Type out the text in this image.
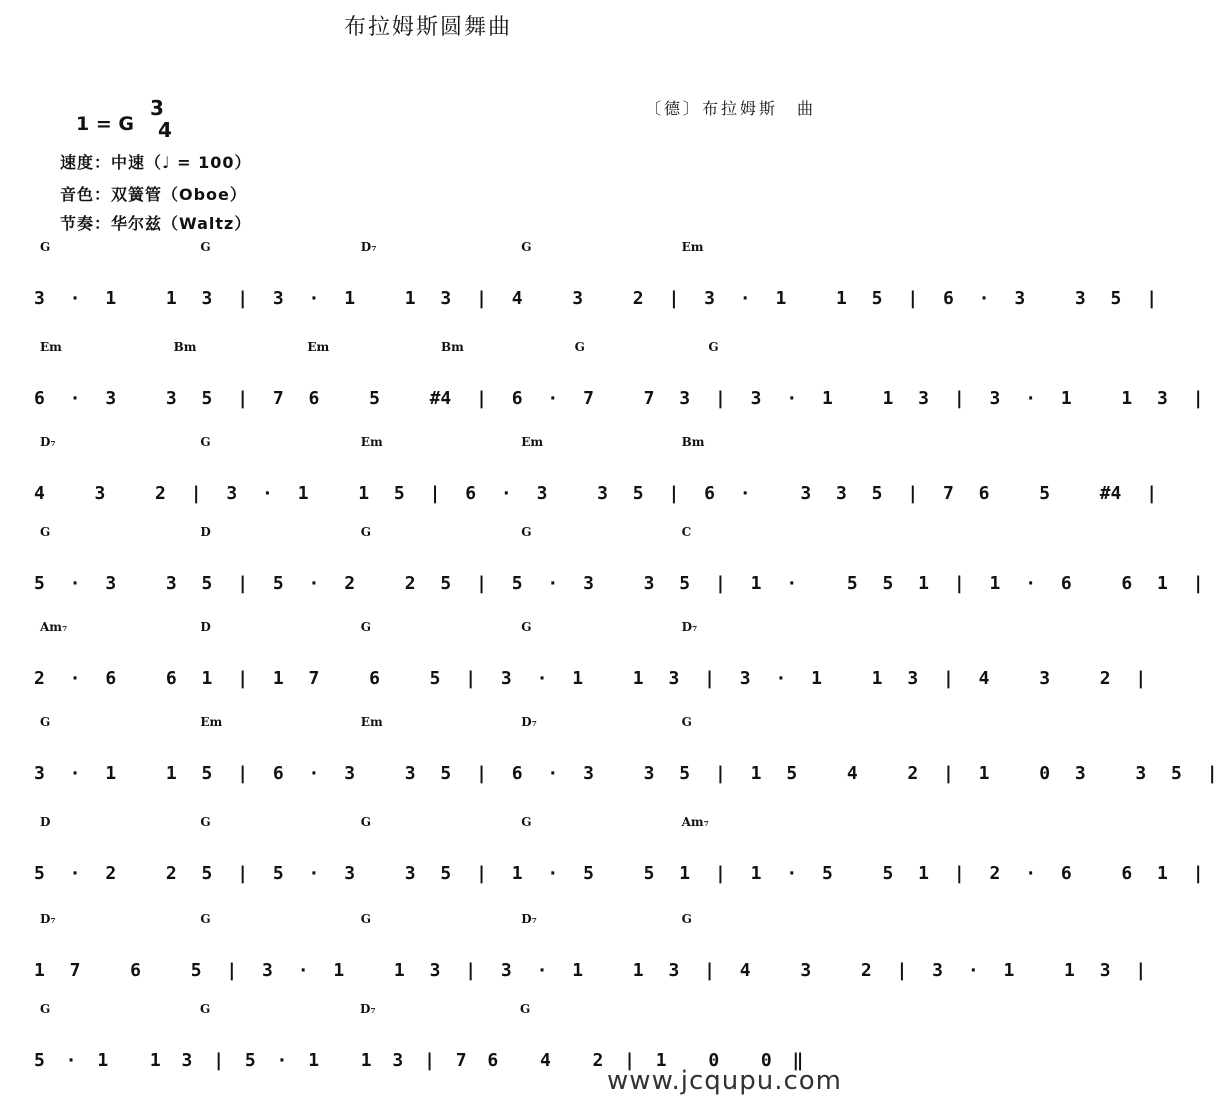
布拉姆斯圆舞曲
〔德〕布拉姆斯　曲
1 = G
3
4
速度：中速（♩ = 100）
音色：双簧管（Oboe）
节奏：华尔兹（Waltz）
G	G	D₇	G	Em
3 · 1  1 3 | 3 · 1  1 3 | 4  3  2 | 3 · 1  1 5 | 6 · 3  3 5 |
Em	Bm	Em	Bm	G	G
6 · 3  3 5 | 7 6  5  #4 | 6 · 7  7 3 | 3 · 1  1 3 | 3 · 1  1 3 |
D₇	G	Em	Em	Bm
4  3  2 | 3 · 1  1 5 | 6 · 3  3 5 | 6 ·  3 3 5 | 7 6  5  #4 |
G	D	G	G	C
5 · 3  3 5 | 5 · 2  2 5 | 5 · 3  3 5 | 1 ·  5 5 1 | 1 · 6  6 1 |
Am₇	D	G	G	D₇
2 · 6  6 1 | 1 7  6  5 | 3 · 1  1 3 | 3 · 1  1 3 | 4  3  2 |
G	Em	Em	D₇	G
3 · 1  1 5 | 6 · 3  3 5 | 6 · 3  3 5 | 1 5  4  2 | 1  0 3  3 5 |
D	G	G	G	Am₇
5 · 2  2 5 | 5 · 3  3 5 | 1 · 5  5 1 | 1 · 5  5 1 | 2 · 6  6 1 |
D₇	G	G	D₇	G
1 7  6  5 | 3 · 1  1 3 | 3 · 1  1 3 | 4  3  2 | 3 · 1  1 3 |
G	G	D₇	G
5 · 1  1 3 | 5 · 1  1 3 | 7 6  4  2 | 1  0  0 ‖
www.jcqupu.com
